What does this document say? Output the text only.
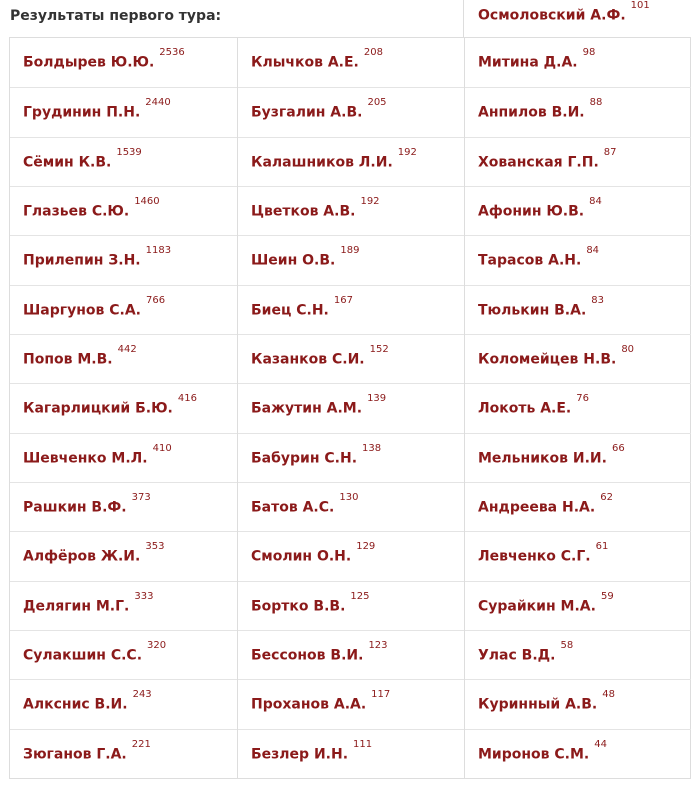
Результаты первого тура:	Осмоловский А.Ф.$^{101}$
Болдырев Ю.Ю.$^{2536}$
Грудинин П.Н.$^{2440}$
Сёмин К.В.$^{1539}$
Глазьев С.Ю.$^{1460}$
Прилепин З.Н.$^{1183}$
Шаргунов С.А.$^{766}$
Попов М.В.$^{442}$
Кагарлицкий Б.Ю.$^{416}$
Шевченко М.Л.$^{410}$
Рашкин В.Ф.$^{373}$
Алфёров Ж.И.$^{353}$
Делягин М.Г.$^{333}$
Сулакшин С.С.$^{320}$
Алкснис В.И.$^{243}$
Зюганов Г.А.$^{221}$
Клычков А.Е.$^{208}$
Бузгалин А.В.$^{205}$
Калашников Л.И.$^{192}$
Цветков А.В.$^{192}$
Шеин О.В.$^{189}$
Биец С.Н.$^{167}$
Казанков С.И.$^{152}$
Бажутин А.М.$^{139}$
Бабурин С.Н.$^{138}$
Батов А.С.$^{130}$
Смолин О.Н.$^{129}$
Бортко В.В.$^{125}$
Бессонов В.И.$^{123}$
Проханов А.А.$^{117}$
Безлер И.Н.$^{111}$
Митина Д.А.$^{98}$
Анпилов В.И.$^{88}$
Хованская Г.П.$^{87}$
Афонин Ю.В.$^{84}$
Тарасов А.Н.$^{84}$
Тюлькин В.А.$^{83}$
Коломейцев Н.В.$^{80}$
Локоть А.Е.$^{76}$
Мельников И.И.$^{66}$
Андреева Н.А.$^{62}$
Левченко С.Г.$^{61}$
Сурайкин М.А.$^{59}$
Улас В.Д.$^{58}$
Куринный А.В.$^{48}$
Миронов С.М.$^{44}$
